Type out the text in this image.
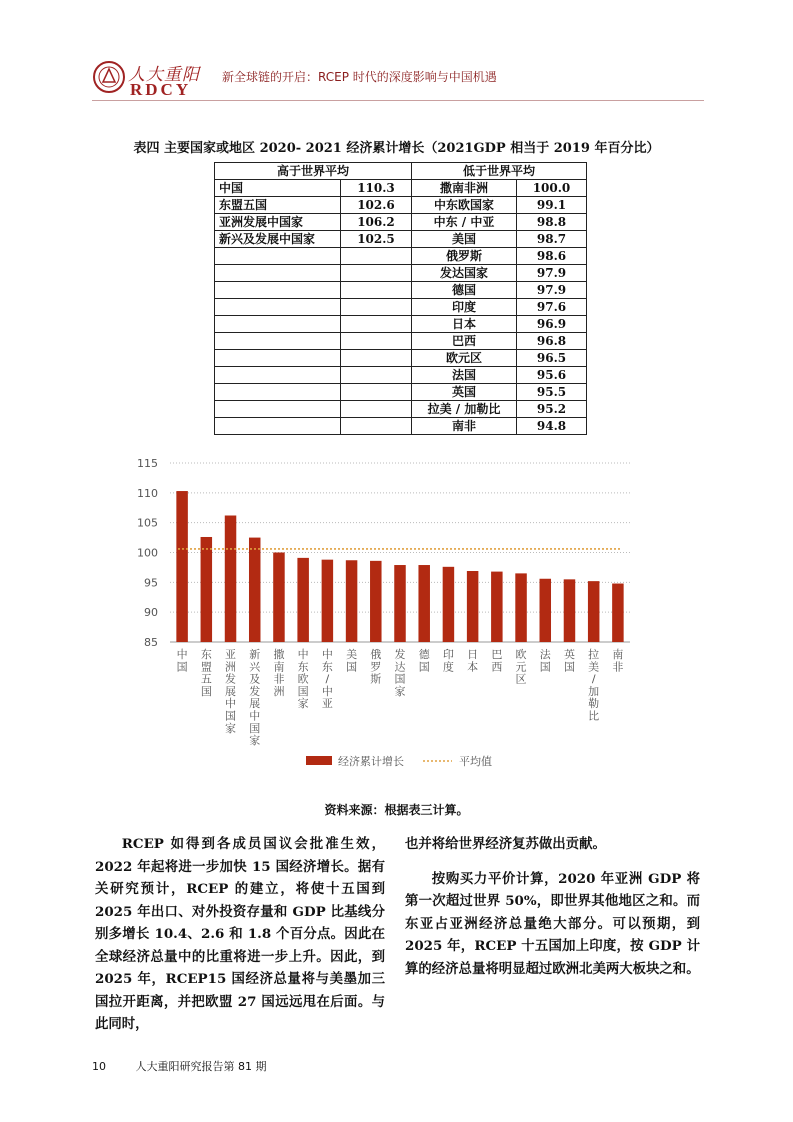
人大重阳
RDCY
新全球链的开启：RCEP 时代的深度影响与中国机遇
表四 主要国家或地区 2020- 2021 经济累计增长（2021GDP 相当于 2019 年百分比）
高于世界平均		低于世界平均	
中国	110.3	撒南非洲	100.0
东盟五国	102.6	中东欧国家	99.1
亚洲发展中国家	106.2	中东 / 中亚	98.8
新兴及发展中国家	102.5	美国	98.7
		俄罗斯	98.6
		发达国家	97.9
		德国	97.9
		印度	97.6
		日本	96.9
		巴西	96.8
		欧元区	96.5
		法国	95.6
		英国	95.5
		拉美 / 加勒比	95.2
		南非	94.8
85
90
95
100
105
110
115
中
国
东
盟
五
国
亚
洲
发
展
中
国
家
新
兴
及
发
展
中
国
家
撒
南
非
洲
中
东
欧
国
家
中
东
/
中
亚
美
国
俄
罗
斯
发
达
国
家
德
国
印
度
日
本
巴
西
欧
元
区
法
国
英
国
拉
美
/
加
勒
比
南
非
经济累计增长	平均值
资料来源：根据表三计算。

RCEP 如得到各成员国议会批准生效，2022 年起将进一步加快 15 国经济增长。据有关研究预计，RCEP 的建立，将使十五国到 2025 年出口、对外投资存量和 GDP 比基线分别多增长 10.4、2.6 和 1.8 个百分点。因此在全球经济总量中的比重将进一步上升。因此，到 2025 年，RCEP15 国经济总量将与美墨加三国拉开距离，并把欧盟 27 国远远甩在后面。与此同时，

也并将给世界经济复苏做出贡献。

按购买力平价计算，2020 年亚洲 GDP 将第一次超过世界 50%，即世界其他地区之和。而东亚占亚洲经济总量绝大部分。可以预期，到 2025 年，RCEP 十五国加上印度，按 GDP 计算的经济总量将明显超过欧洲北美两大板块之和。

10	人大重阳研究报告第 81 期
